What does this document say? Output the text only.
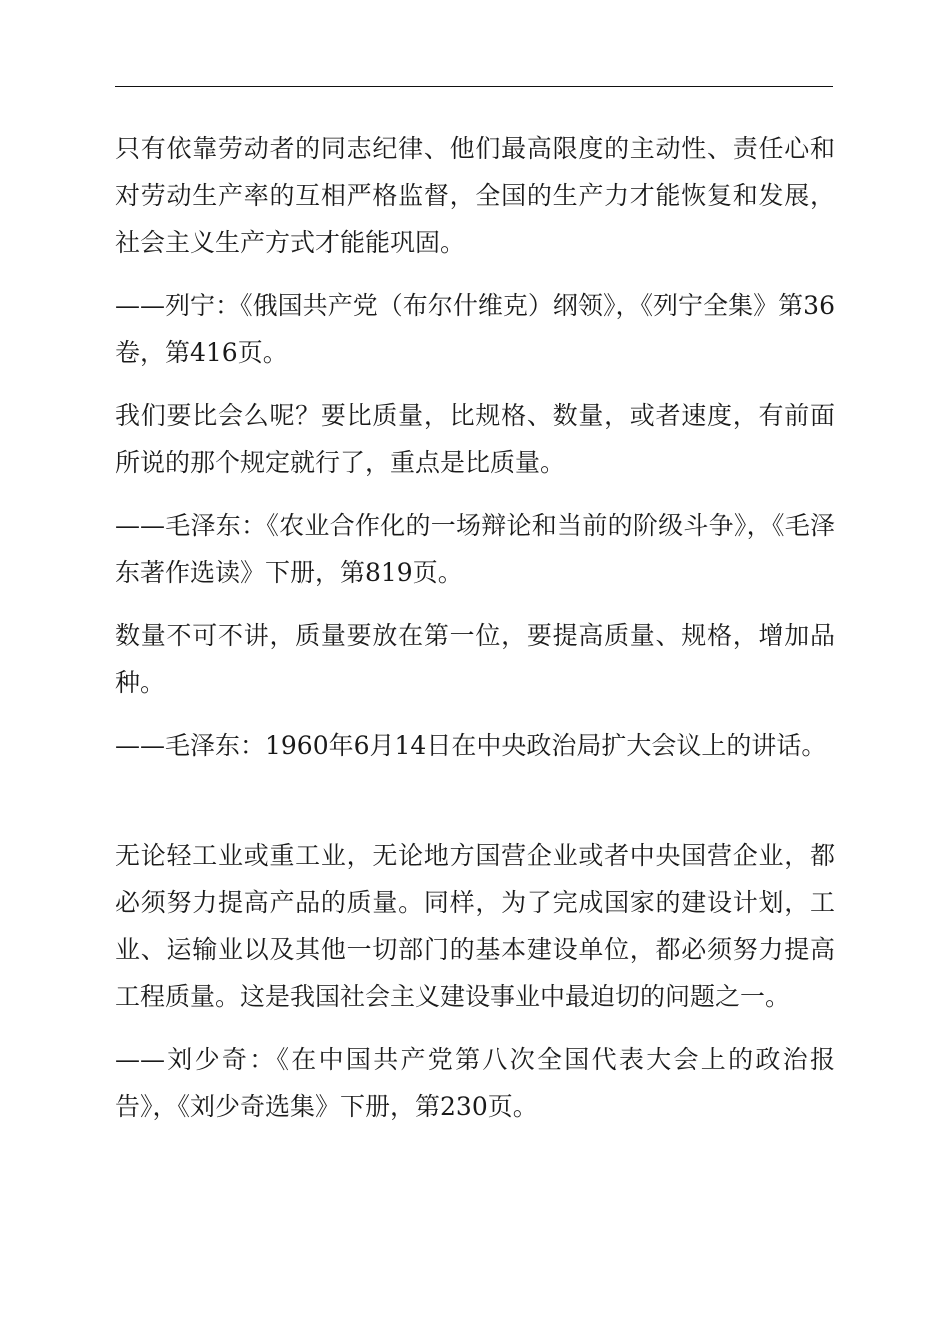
只有依靠劳动者的同志纪律、他们最高限度的主动性、责任心和对劳动生产率的互相严格监督，全国的生产力才能恢复和发展，社会主义生产方式才能能巩固。

——列宁：《俄国共产党（布尔什维克）纲领》，《列宁全集》第36卷，第416页。

我们要比会么呢？要比质量，比规格、数量，或者速度，有前面所说的那个规定就行了，重点是比质量。

——毛泽东：《农业合作化的一场辩论和当前的阶级斗争》，《毛泽东著作选读》下册，第819页。

数量不可不讲，质量要放在第一位，要提高质量、规格，增加品种。

——毛泽东：1960年6月14日在中央政治局扩大会议上的讲话。

无论轻工业或重工业，无论地方国营企业或者中央国营企业，都必须努力提高产品的质量。同样，为了完成国家的建设计划，工业、运输业以及其他一切部门的基本建设单位，都必须努力提高工程质量。这是我国社会主义建设事业中最迫切的问题之一。

——刘少奇：《在中国共产党第八次全国代表大会上的政治报告》，《刘少奇选集》下册，第230页。
